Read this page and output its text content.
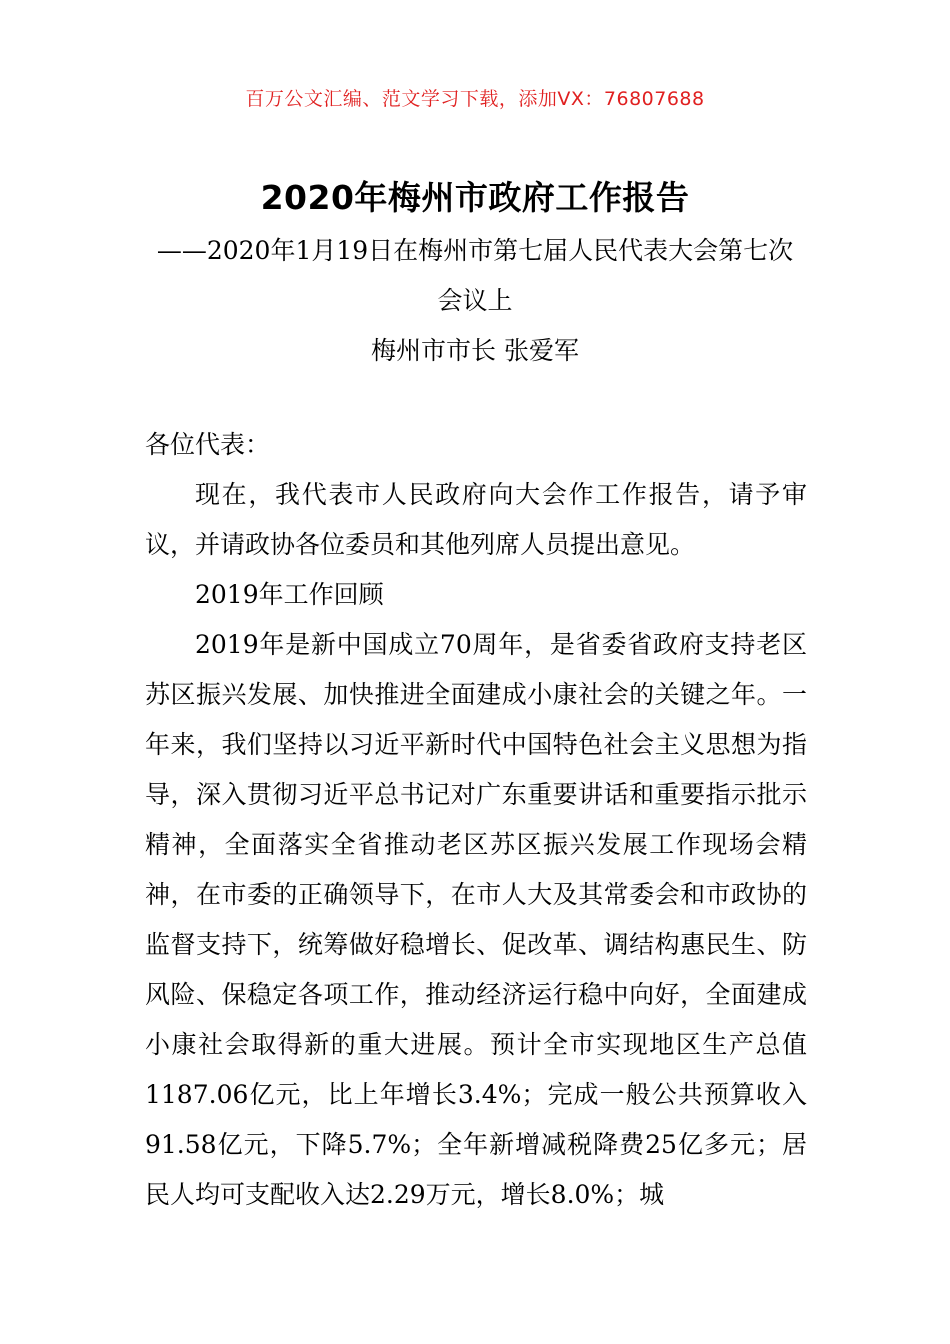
百万公文汇编、范文学习下载，添加VX：76807688
2020年梅州市政府工作报告
——2020年1月19日在梅州市第七届人民代表大会第七次会议上
梅州市市长 张爱军

各位代表：

现在，我代表市人民政府向大会作工作报告，请予审议，并请政协各位委员和其他列席人员提出意见。

2019年工作回顾

2019年是新中国成立70周年，是省委省政府支持老区苏区振兴发展、加快推进全面建成小康社会的关键之年。一年来，我们坚持以习近平新时代中国特色社会主义思想为指导，深入贯彻习近平总书记对广东重要讲话和重要指示批示精神，全面落实全省推动老区苏区振兴发展工作现场会精神，在市委的正确领导下，在市人大及其常委会和市政协的监督支持下，统筹做好稳增长、促改革、调结构惠民生、防风险、保稳定各项工作，推动经济运行稳中向好，全面建成小康社会取得新的重大进展。预计全市实现地区生产总值1187.06亿元，比上年增长3.4%；完成一般公共预算收入91.58亿元，下降5.7%；全年新增减税降费25亿多元；居民人均可支配收入达2.29万元，增长8.0%；城
